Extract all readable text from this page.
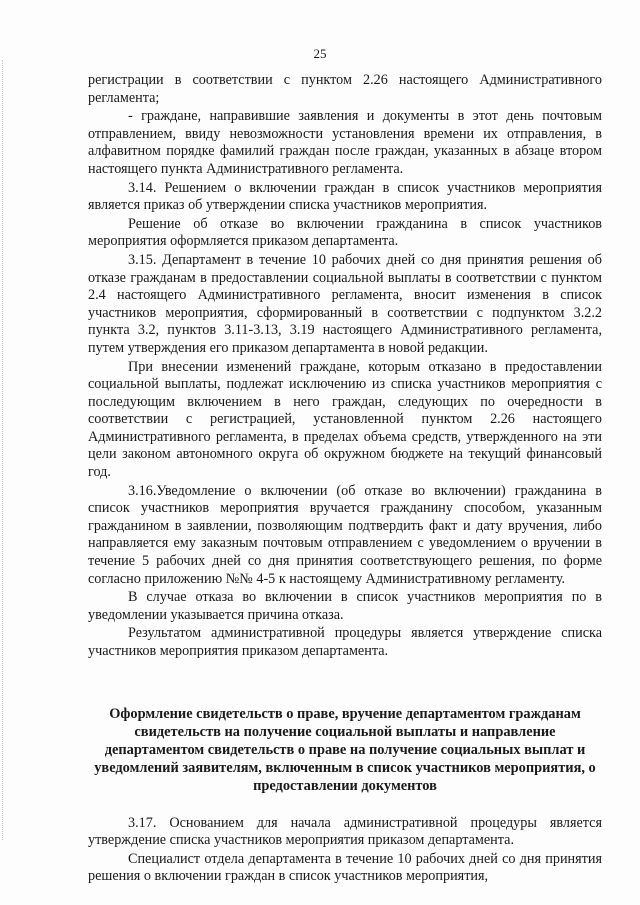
25

регистрации в соответствии с пунктом 2.26 настоящего Административного регламента;

- граждане, направившие заявления и документы в этот день почтовым отправлением, ввиду невозможности установления времени их отправления, в алфавитном порядке фамилий граждан после граждан, указанных в абзаце втором настоящего пункта Административного регламента.

3.14. Решением о включении граждан в список участников мероприятия является приказ об утверждении списка участников мероприятия.

Решение об отказе во включении гражданина в список участников мероприятия оформляется приказом департамента.

3.15. Департамент в течение 10 рабочих дней со дня принятия решения об отказе гражданам в предоставлении социальной выплаты в соответствии с пунктом 2.4 настоящего Административного регламента, вносит изменения в список участников мероприятия, сформированный в соответствии с подпунктом 3.2.2 пункта 3.2, пунктов 3.11-3.13, 3.19 настоящего Административного регламента, путем утверждения его приказом департамента в новой редакции.

При внесении изменений граждане, которым отказано в предоставлении социальной выплаты, подлежат исключению из списка участников мероприятия с последующим включением в него граждан, следующих по очередности в соответствии с регистрацией, установленной пунктом 2.26 настоящего Административного регламента, в пределах объема средств, утвержденного на эти цели законом автономного округа об окружном бюджете на текущий финансовый год.

3.16.Уведомление о включении (об отказе во включении) гражданина в список участников мероприятия вручается гражданину способом, указанным гражданином в заявлении, позволяющим подтвердить факт и дату вручения, либо направляется ему заказным почтовым отправлением с уведомлением о вручении в течение 5 рабочих дней со дня принятия соответствующего решения, по форме согласно приложению №№ 4-5 к настоящему Административному регламенту.

В случае отказа во включении в список участников мероприятия по в уведомлении указывается причина отказа.

Результатом административной процедуры является утверждение списка участников мероприятия приказом департамента.

Оформление свидетельств о праве, вручение департаментом гражданам свидетельств на получение социальной выплаты и направление департаментом свидетельств о праве на получение социальных выплат и уведомлений заявителям, включенным в список участников мероприятия, о предоставлении документов

3.17. Основанием для начала административной процедуры является утверждение списка участников мероприятия приказом департамента.

Специалист отдела департамента в течение 10 рабочих дней со дня принятия решения о включении граждан в список участников мероприятия,
